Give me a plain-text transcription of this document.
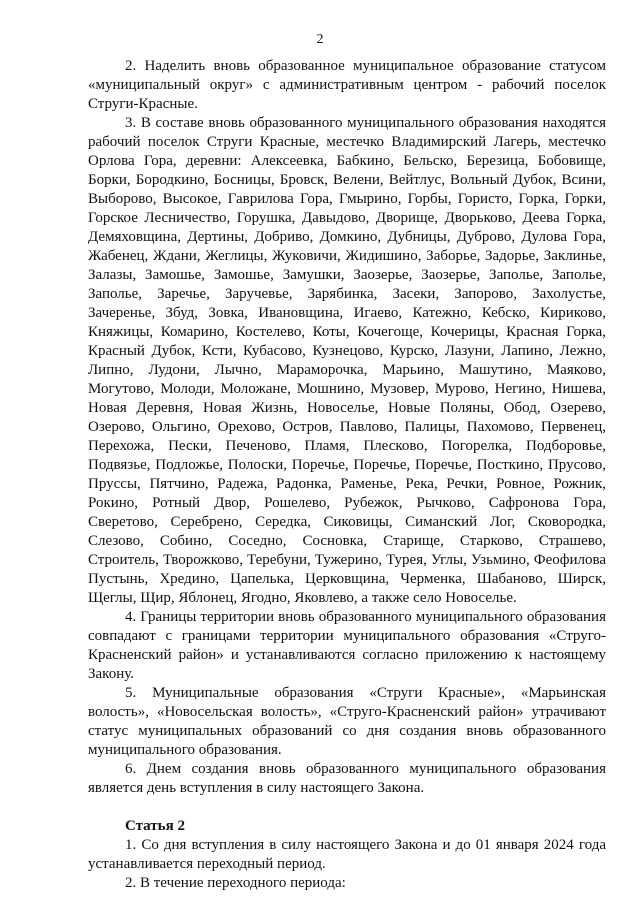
2

2. Наделить вновь образованное муниципальное образование статусом «муниципальный округ» с административным центром - рабочий поселок Струги-Красные.

3. В составе вновь образованного муниципального образования находятся рабочий поселок Струги Красные, местечко Владимирский Лагерь, местечко Орлова Гора, деревни: Алексеевка, Бабкино, Бельско, Березица, Бобовище, Борки, Бородкино, Босницы, Бровск, Велени, Вейтлус, Вольный Дубок, Всини, Выборово, Высокое, Гаврилова Гора, Гмырино, Горбы, Гористо, Горка, Горки, Горское Лесничество, Горушка, Давыдово, Дворище, Дворьково, Деева Горка, Демяховщина, Дертины, Добриво, Домкино, Дубницы, Дуброво, Дулова Гора, Жабенец, Ждани, Жеглицы, Жуковичи, Жидишино, Заборье, Задорье, Заклинье, Залазы, Замошье, Замошье, Замушки, Заозерье, Заозерье, Заполье, Заполье, Заполье, Заречье, Заручевье, Зарябинка, Засеки, Запорово, Захолустье, Зачеренье, Збуд, Зовка, Ивановщина, Игаево, Катежно, Кебско, Кириково, Княжицы, Комарино, Костелево, Коты, Кочегоще, Кочерицы, Красная Горка, Красный Дубок, Ксти, Кубасово, Кузнецово, Курско, Лазуни, Лапино, Лежно, Липно, Лудони, Лычно, Мараморочка, Марьино, Машутино, Маяково, Могутово, Молоди, Моложане, Мошнино, Музовер, Мурово, Негино, Нишева, Новая Деревня, Новая Жизнь, Новоселье, Новые Поляны, Обод, Озерево, Озерово, Ольгино, Орехово, Остров, Павлово, Палицы, Пахомово, Первенец, Перехожа, Пески, Печеново, Пламя, Плесково, Погорелка, Подборовье, Подвязье, Подложье, Полоски, Поречье, Поречье, Поречье, Посткино, Прусово, Пруссы, Пятчино, Радежа, Радонка, Раменье, Река, Речки, Ровное, Рожник, Рокино, Ротный Двор, Рошелево, Рубежок, Рычково, Сафронова Гора, Сверетово, Серебрено, Середка, Сиковицы, Симанский Лог, Сковородка, Слезово, Собино, Соседно, Сосновка, Старище, Старково, Страшево, Строитель, Творожково, Теребуни, Тужерино, Турея, Углы, Узьмино, Феофилова Пустынь, Хредино, Цапелька, Церковщина, Черменка, Шабаново, Ширск, Щеглы, Щир, Яблонец, Ягодно, Яковлево, а также село Новоселье.

4. Границы территории вновь образованного муниципального образования совпадают с границами территории муниципального образования «Струго-Красненский район» и устанавливаются согласно приложению к настоящему Закону.

5. Муниципальные образования «Струги Красные», «Марьинская волость», «Новосельская волость», «Струго-Красненский район» утрачивают статус муниципальных образований со дня создания вновь образованного муниципального образования.

6. Днем создания вновь образованного муниципального образования является день вступления в силу настоящего Закона.

Статья 2

1. Со дня вступления в силу настоящего Закона и до 01 января 2024 года устанавливается переходный период.

2. В течение переходного периода:
